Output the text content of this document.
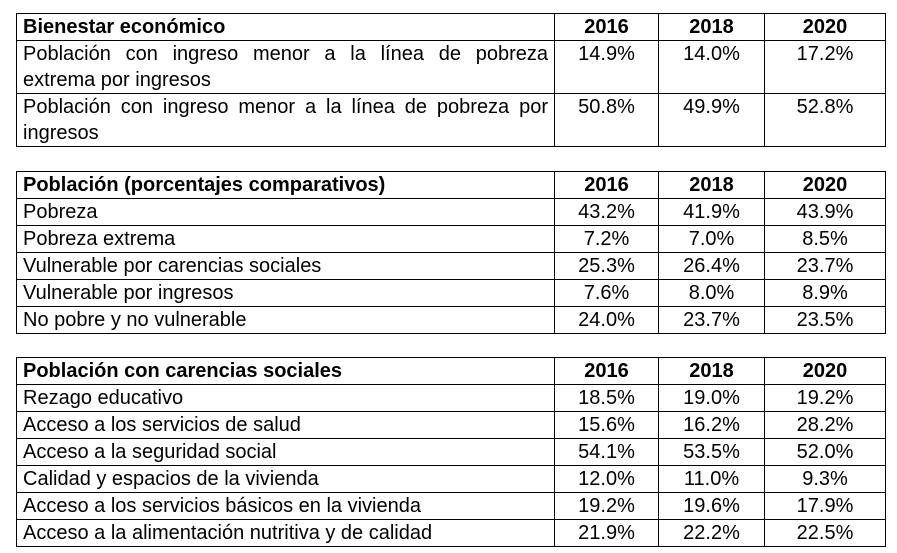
Bienestar económico	2016	2018	2020
Población con ingreso menor a la línea de pobreza extrema por ingresos	14.9%	14.0%	17.2%
Población con ingreso menor a la línea de pobreza por ingresos	50.8%	49.9%	52.8%
Población (porcentajes comparativos)	2016	2018	2020
Pobreza	43.2%	41.9%	43.9%
Pobreza extrema	7.2%	7.0%	8.5%
Vulnerable por carencias sociales	25.3%	26.4%	23.7%
Vulnerable por ingresos	7.6%	8.0%	8.9%
No pobre y no vulnerable	24.0%	23.7%	23.5%
Población con carencias sociales	2016	2018	2020
Rezago educativo	18.5%	19.0%	19.2%
Acceso a los servicios de salud	15.6%	16.2%	28.2%
Acceso a la seguridad social	54.1%	53.5%	52.0%
Calidad y espacios de la vivienda	12.0%	11.0%	9.3%
Acceso a los servicios básicos en la vivienda	19.2%	19.6%	17.9%
Acceso a la alimentación nutritiva y de calidad	21.9%	22.2%	22.5%
